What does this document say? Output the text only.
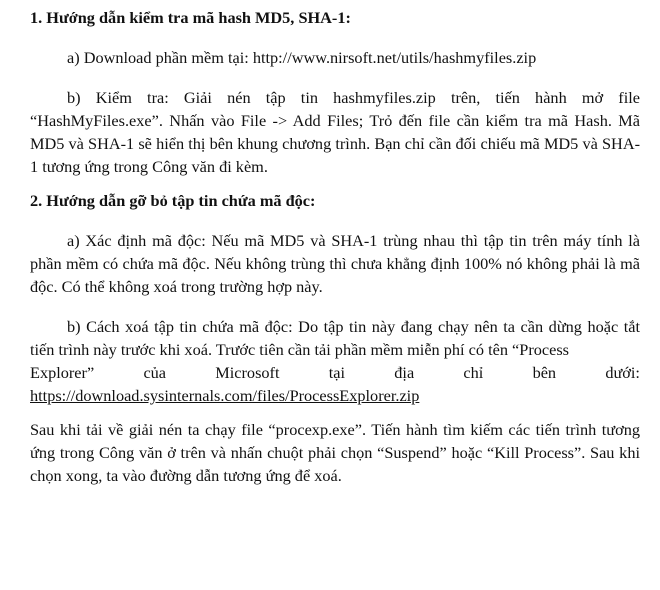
1. Hướng dẫn kiểm tra mã hash MD5, SHA-1:

a) Download phần mềm tại: http://www.nirsoft.net/utils/hashmyfiles.zip

b) Kiểm tra: Giải nén tập tin hashmyfiles.zip trên, tiến hành mở file “HashMyFiles.exe”. Nhấn vào File -> Add Files; Trỏ đến file cần kiểm tra mã Hash. Mã MD5 và SHA-1 sẽ hiển thị bên khung chương trình. Bạn chỉ cần đối chiếu mã MD5 và SHA-1 tương ứng trong Công văn đi kèm.

2. Hướng dẫn gỡ bỏ tập tin chứa mã độc:

a) Xác định mã độc: Nếu mã MD5 và SHA-1 trùng nhau thì tập tin trên máy tính là phần mềm có chứa mã độc. Nếu không trùng thì chưa khẳng định 100% nó không phải là mã độc. Có thể không xoá trong trường hợp này.

b) Cách xoá tập tin chứa mã độc: Do tập tin này đang chạy nên ta cần dừng hoặc tắt tiến trình này trước khi xoá. Trước tiên cần tải phần mềm miễn phí có tên “Process

Explorer”	của	Microsoft	tại	địa	chỉ	bên	dưới:

https://download.sysinternals.com/files/ProcessExplorer.zip

Sau khi tải về giải nén ta chạy file “procexp.exe”. Tiến hành tìm kiếm các tiến trình tương ứng trong Công văn ở trên và nhấn chuột phải chọn “Suspend” hoặc “Kill Process”. Sau khi chọn xong, ta vào đường dẫn tương ứng để xoá.
